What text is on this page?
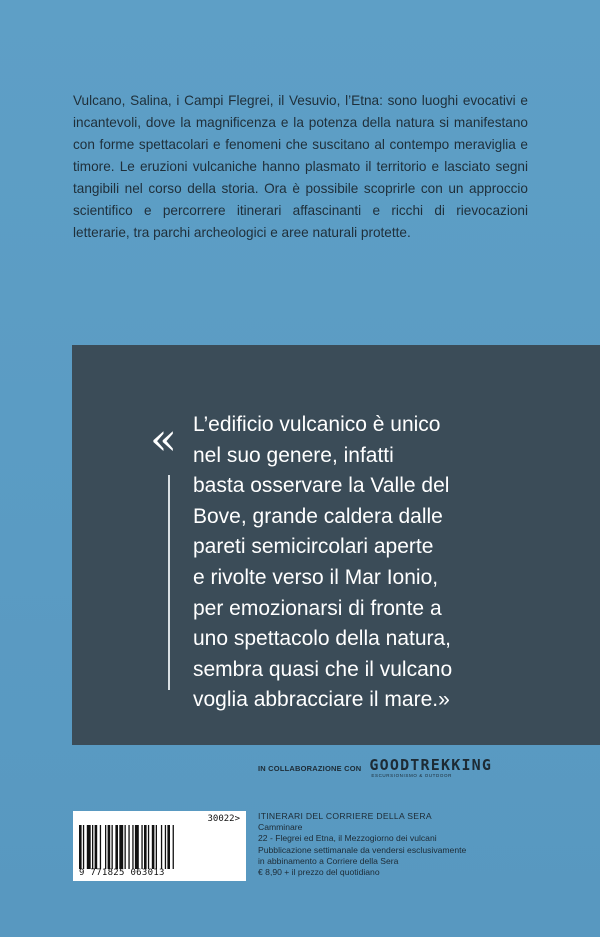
Vulcano, Salina, i Campi Flegrei, il Vesuvio, l’Etna: sono luoghi evocativi e incantevoli, dove la magnificenza e la potenza della natura si manifestano con forme spettacolari e fenomeni che suscitano al contempo meraviglia e timore. Le eruzioni vulcaniche hanno plasmato il territorio e lasciato segni tangibili nel corso della storia. Ora è possibile scoprirle con un approccio scientifico e percorrere itinerari affascinanti e ricchi di rievocazioni letterarie, tra parchi archeologici e aree naturali protette.

« L’edificio vulcanico è unico
nel suo genere, infatti
basta osservare la Valle del
Bove, grande caldera dalle
pareti semicircolari aperte
e rivolte verso il Mar Ionio,
per emozionarsi di fronte a
uno spettacolo della natura,
sembra quasi che il vulcano
voglia abbracciare il mare.»
IN COLLABORAZIONE CON GOODTREKKING
ESCURSIONISMO & OUTDOOR
30022>
9 771825 063013
ITINERARI DEL CORRIERE DELLA SERA
Camminare
22 - Flegrei ed Etna, il Mezzogiorno dei vulcani
Pubblicazione settimanale da vendersi esclusivamente
in abbinamento a Corriere della Sera
€ 8,90 + il prezzo del quotidiano
